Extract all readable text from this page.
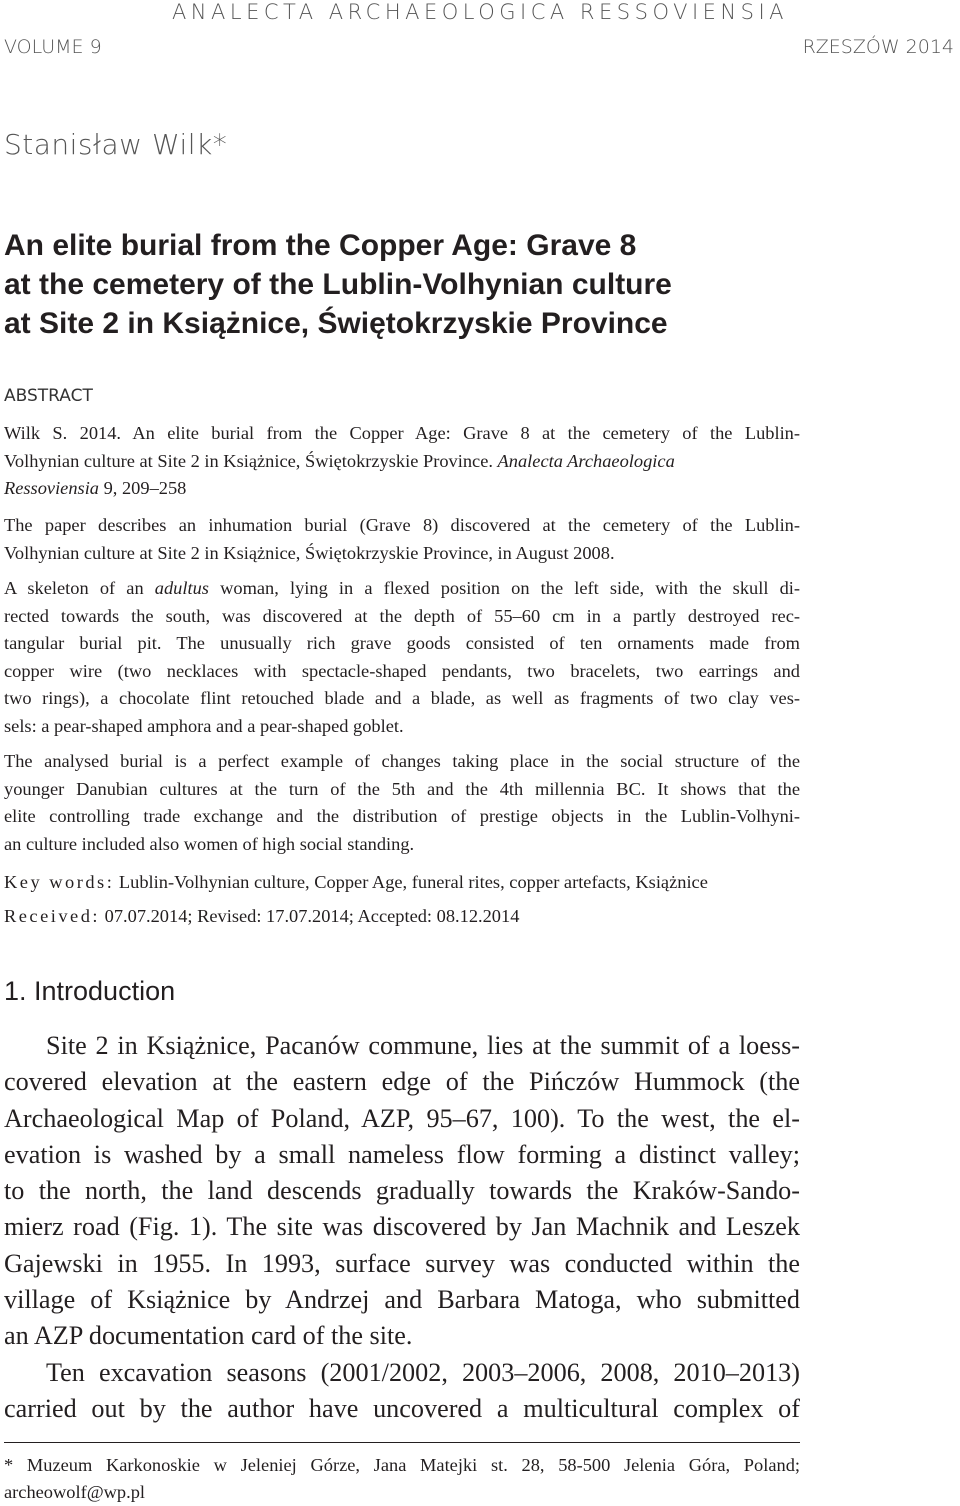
ANALECTA ARCHAEOLOGICA RESSOVIENSIA
VOLUME 9	RZESZÓW 2014
Stanisław Wilk*
An elite burial from the Copper Age: Grave 8
at the cemetery of the Lublin-Volhynian culture
at Site 2 in Książnice, Świętokrzyskie Province
ABSTRACT
Wilk S. 2014. An elite burial from the Copper Age: Grave 8 at the cemetery of the Lublin-
Volhynian culture at Site 2 in Książnice, Świętokrzyskie Province. Analecta Archaeologica
Ressoviensia 9, 209–258
The paper describes an inhumation burial (Grave 8) discovered at the cemetery of the Lublin-
Volhynian culture at Site 2 in Książnice, Świętokrzyskie Province, in August 2008.
A skeleton of an adultus woman, lying in a flexed position on the left side, with the skull di-
rected towards the south, was discovered at the depth of 55–60 cm in a partly destroyed rec-
tangular burial pit. The unusually rich grave goods consisted of ten ornaments made from
copper wire (two necklaces with spectacle-shaped pendants, two bracelets, two earrings and
two rings), a chocolate flint retouched blade and a blade, as well as fragments of two clay ves-
sels: a pear-shaped amphora and a pear-shaped goblet.
The analysed burial is a perfect example of changes taking place in the social structure of the
younger Danubian cultures at the turn of the 5th and the 4th millennia BC. It shows that the
elite controlling trade exchange and the distribution of prestige objects in the Lublin-Volhyni-
an culture included also women of high social standing.
Key words: Lublin-Volhynian culture, Copper Age, funeral rites, copper artefacts, Książnice
Received: 07.07.2014; Revised: 17.07.2014; Accepted: 08.12.2014
1. Introduction
Site 2 in Książnice, Pacanów commune, lies at the summit of a loess-
covered elevation at the eastern edge of the Pińczów Hummock (the
Archaeological Map of Poland, AZP, 95–67, 100). To the west, the el-
evation is washed by a small nameless flow forming a distinct valley;
to the north, the land descends gradually towards the Kraków-Sando-
mierz road (Fig. 1). The site was discovered by Jan Machnik and Leszek
Gajewski in 1955. In 1993, surface survey was conducted within the
village of Książnice by Andrzej and Barbara Matoga, who submitted
an AZP documentation card of the site.
Ten excavation seasons (2001/2002, 2003–2006, 2008, 2010–2013)
carried out by the author have uncovered a multicultural complex of
* Muzeum Karkonoskie w Jeleniej Górze, Jana Matejki st. 28, 58-500 Jelenia Góra, Poland;
archeowolf@wp.pl
